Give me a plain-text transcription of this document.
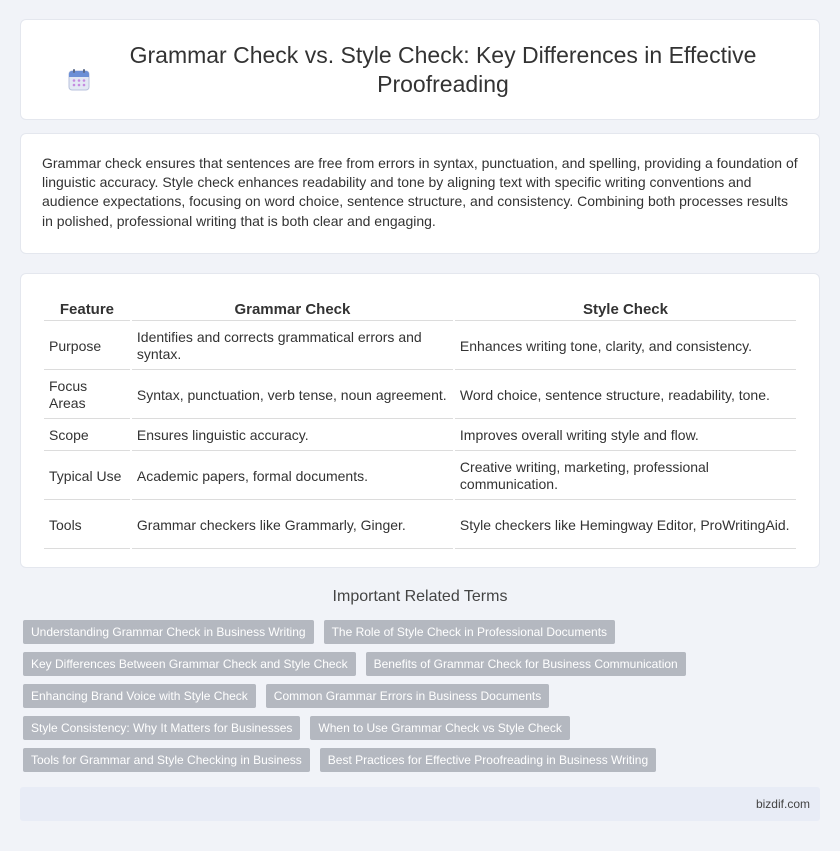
Grammar Check vs. Style Check: Key Differences in Effective Proofreading

Grammar check ensures that sentences are free from errors in syntax, punctuation, and spelling, providing a foundation of linguistic accuracy. Style check enhances readability and tone by aligning text with specific writing conventions and audience expectations, focusing on word choice, sentence structure, and consistency. Combining both processes results in polished, professional writing that is both clear and engaging.

Feature	Grammar Check	Style Check
Purpose	Identifies and corrects grammatical errors and syntax.	Enhances writing tone, clarity, and consistency.
Focus Areas	Syntax, punctuation, verb tense, noun agreement.	Word choice, sentence structure, readability, tone.
Scope	Ensures linguistic accuracy.	Improves overall writing style and flow.
Typical Use	Academic papers, formal documents.	Creative writing, marketing, professional communication.
Tools	Grammar checkers like Grammarly, Ginger.	Style checkers like Hemingway Editor, ProWritingAid.
Important Related Terms
Understanding Grammar Check in Business Writing	The Role of Style Check in Professional Documents
Key Differences Between Grammar Check and Style Check	Benefits of Grammar Check for Business Communication
Enhancing Brand Voice with Style Check	Common Grammar Errors in Business Documents
Style Consistency: Why It Matters for Businesses	When to Use Grammar Check vs Style Check
Tools for Grammar and Style Checking in Business	Best Practices for Effective Proofreading in Business Writing
bizdif.com
